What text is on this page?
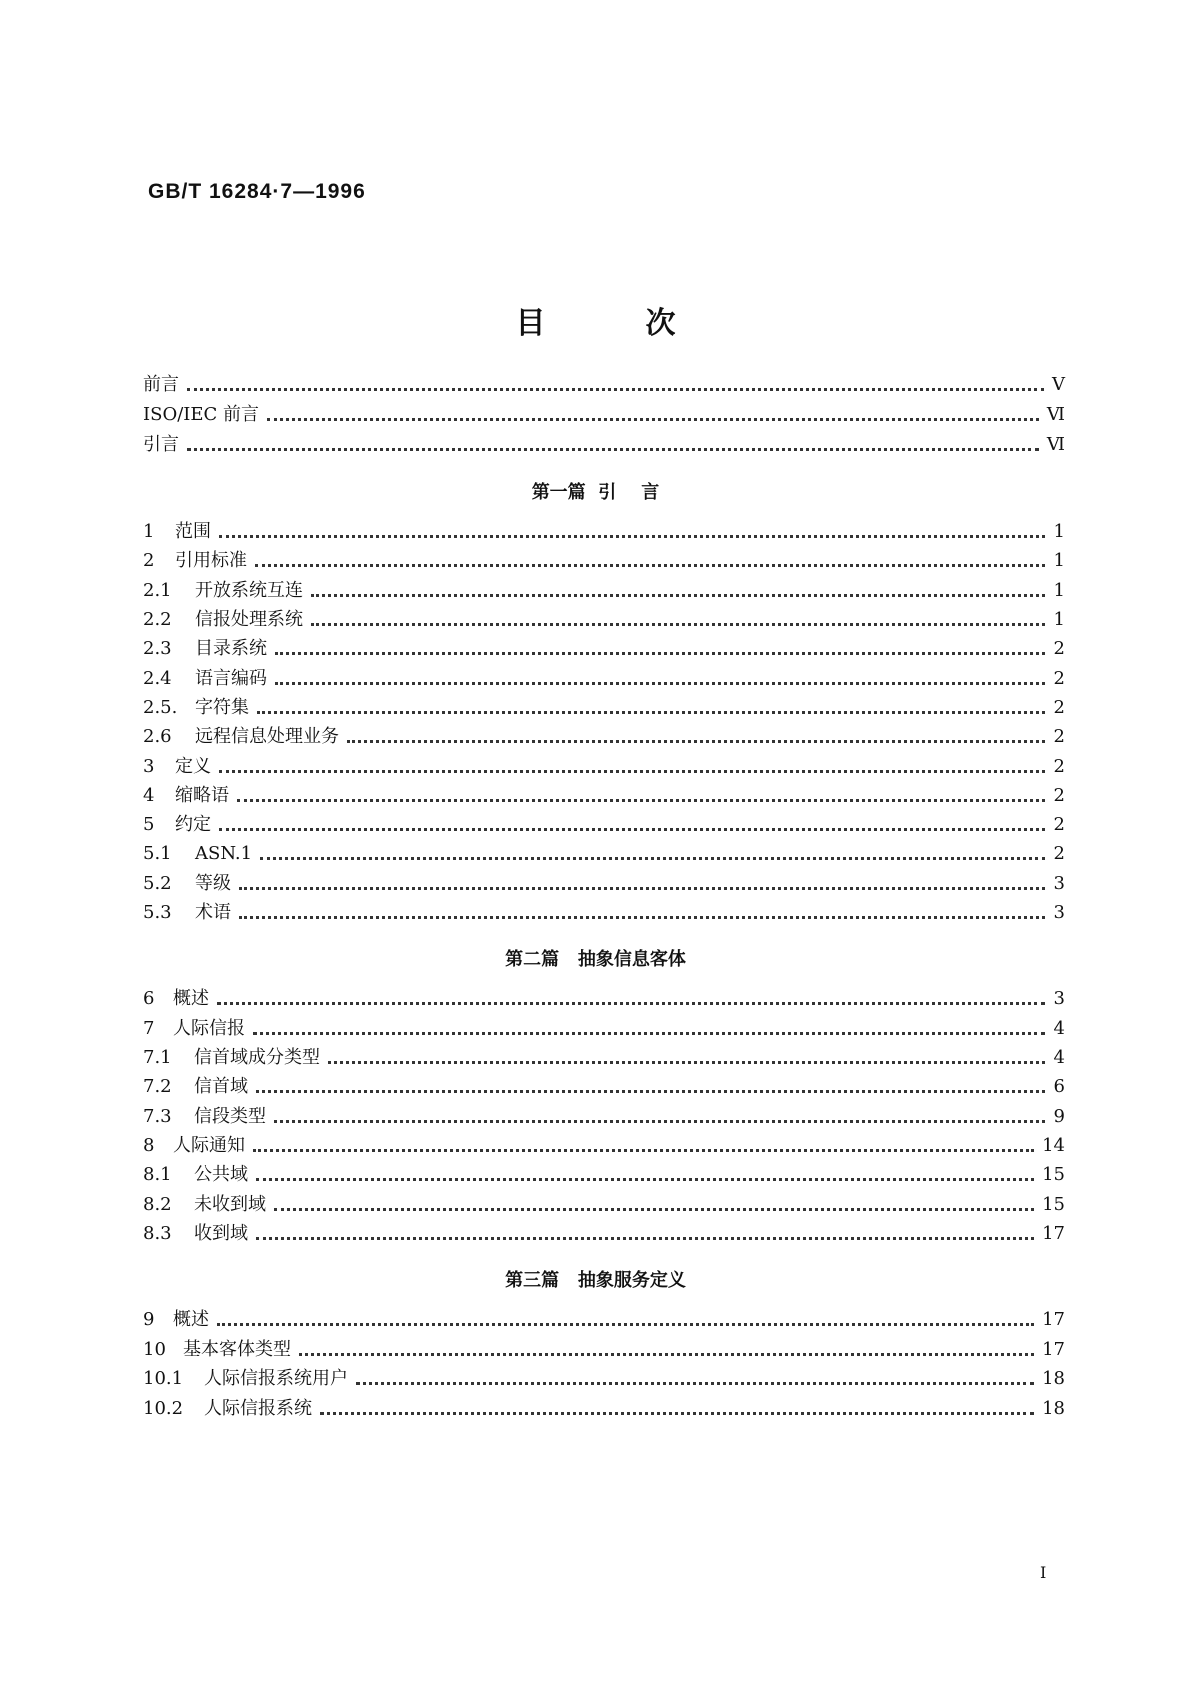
GB/T 16284·7—1996
目次
前言	V
ISO/IEC 前言	Ⅵ
引言	Ⅵ
第一篇  引    言
1	范围	1
2	引用标准	1
2.1	开放系统互连	1
2.2	信报处理系统	1
2.3	目录系统	2
2.4	语言编码	2
2.5. 字符集	2
2.6	远程信息处理业务	2
3	定义	2
4	缩略语	2
5	约定	2
5.1	ASN.1	2
5.2	等级	3
5.3	术语	3
第二篇   抽象信息客体
6	概述	3
7	人际信报	4
7.1	信首域成分类型	4
7.2	信首域	6
7.3	信段类型	9
8	人际通知	14
8.1	公共域	15
8.2	未收到域	15
8.3	收到域	17
第三篇   抽象服务定义
9	概述	17
10 基本客体类型	17
10.1	人际信报系统用户	18
10.2	人际信报系统	18
I
